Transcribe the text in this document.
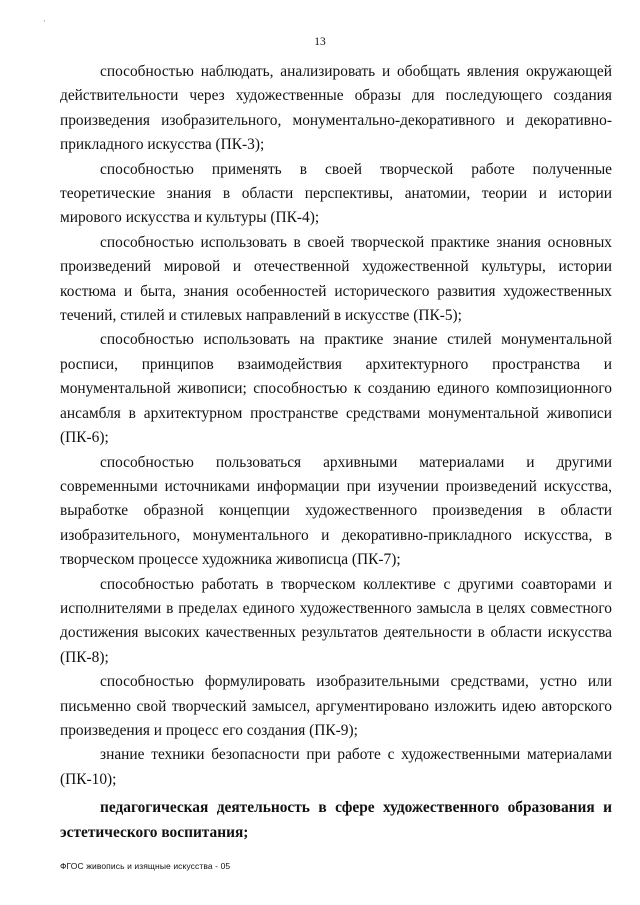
·
13

способностью наблюдать, анализировать и обобщать явления окружающей действительности через художественные образы для последующего создания произведения изобразительного, монументально-декоративного и декоративно-прикладного искусства (ПК-3);

способностью применять в своей творческой работе полученные теоретические знания в области перспективы, анатомии, теории и истории мирового искусства и культуры (ПК-4);

способностью использовать в своей творческой практике знания основных произведений мировой и отечественной художественной культуры, истории костюма и быта, знания особенностей исторического развития художественных течений, стилей и стилевых направлений в искусстве (ПК-5);

способностью использовать на практике знание стилей монументальной росписи, принципов взаимодействия архитектурного пространства и монументальной живописи; способностью к созданию единого композиционного ансамбля в архитектурном пространстве средствами монументальной живописи (ПК-6);

способностью пользоваться архивными материалами и другими современными источниками информации при изучении произведений искусства, выработке образной концепции художественного произведения в области изобразительного, монументального и декоративно-прикладного искусства, в творческом процессе художника живописца (ПК-7);

способностью работать в творческом коллективе с другими соавторами и исполнителями в пределах единого художественного замысла в целях совместного достижения высоких качественных результатов деятельности в области искусства (ПК-8);

способностью формулировать изобразительными средствами, устно или письменно свой творческий замысел, аргументировано изложить идею авторского произведения и процесс его создания (ПК-9);

знание техники безопасности при работе с художественными материалами (ПК-10);

педагогическая деятельность в сфере художественного образования и эстетического воспитания;

ФГОС живопись и изящные искусства - 05
